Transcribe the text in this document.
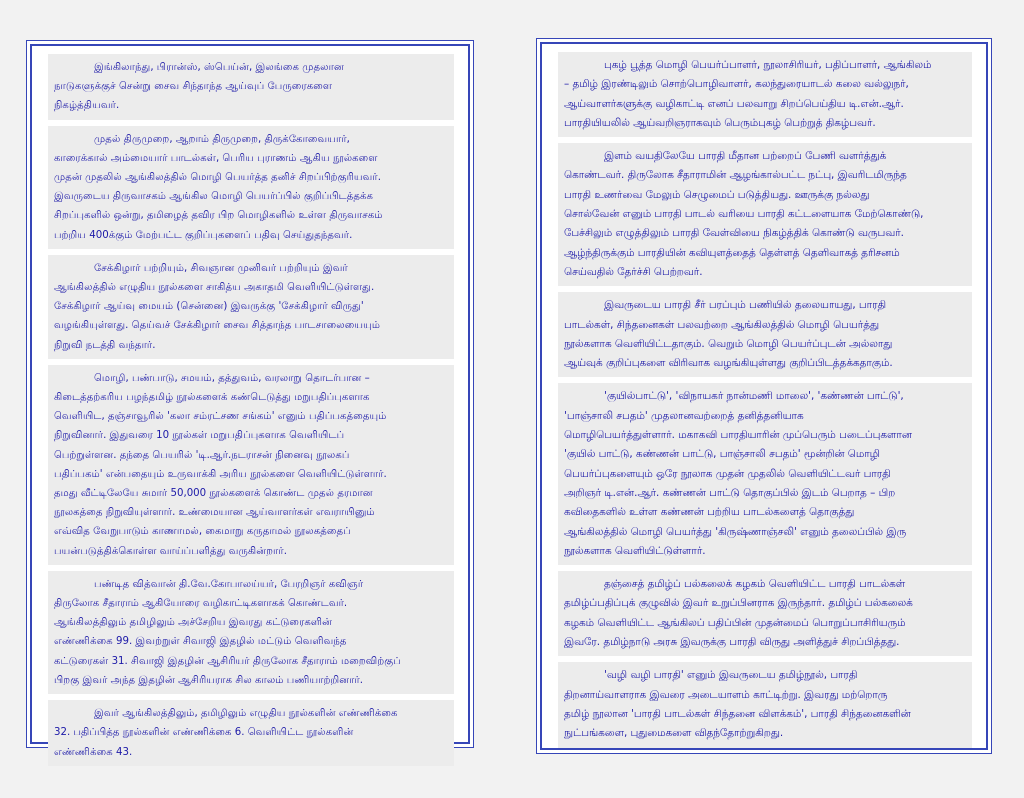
இங்கிலாந்து, பிரான்ஸ், ஸ்பெய்ன், இலங்கை முதலான
நாடுகளுக்குச் சென்று சைவ சிந்தாந்த ஆய்வுப் பேருரைகளை
நிகழ்த்தியவர்.
முதல் திருமுறை, ஆறாம் திருமுறை, திருக்கோவையார்,
காரைக்கால் அம்மையார் பாடல்கள், பெரிய புராணம் ஆகிய நூல்களை
முதன் முதலில் ஆங்கிலத்தில் மொழி பெயர்த்த தனிச் சிறப்பிற்குரியவர்.
இவருடைய திருவாசகம் ஆங்கில மொழி பெயர்ப்பில் குறிப்பிடத்தக்க
சிறப்புகளில் ஒன்று, தமிழைத் தவிர பிற மொழிகளில் உள்ள திருவாசகம்
பற்றிய 400க்கும் மேற்பட்ட குறிப்புகளைப் பதிவு செய்துதந்தவர்.
சேக்கிழார் பற்றியும், சிவஞான முனிவர் பற்றியும் இவர்
ஆங்கிலத்தில் எழுதிய நூல்களை சாகித்ய அகாதமி வெளியிட்டுள்ளது.
சேக்கிழார் ஆய்வு மையம் (சென்னை) இவருக்கு 'சேக்கிழார் விருது'
வழங்கியுள்ளது. தெய்வச் சேக்கிழார் சைவ சித்தாந்த பாடசாலையையும்
நிறுவி நடத்தி வந்தார்.
மொழி, பண்பாடு, சமயம், தத்துவம், வரலாறு தொடர்பான –
கிடைத்தற்கரிய பழந்தமிழ் நூல்களைக் கண்டெடுத்து மறுபதிப்புகளாக
வெளியிட, தஞ்சாவூரில் 'கலா சம்ரட்சண சங்கம்' எனும் பதிப்பகத்தையும்
நிறுவினார். இதுவரை 10 நூல்கள் மறுபதிப்புகளாக வெளியிடப்
பெற்றுள்ளன. தந்தை பெயரில் 'டி.ஆர்.நடராசன் நினைவு நூலகப்
பதிப்பகம்' என்பதையும் உருவாக்கி அரிய நூல்களை வெளியிட்டுள்ளார்.
தமது வீட்டிலேயே சுமார் 50,000 நூல்களைக் கொண்ட முதல் தரமான
நூலகத்தை நிறுவியுள்ளார். உண்மையான ஆய்வாளர்கள் எவராயினும்
எவ்வித வேறுபாடும் காணாமல், கைமாறு கருதாமல் நூலகத்தைப்
பயன்படுத்திக்கொள்ள வாய்ப்பளித்து வருகின்றார்.
பண்டித வித்வான் தி.வே.கோபாலய்யர், பேரறிஞர் கவிஞர்
திருலோக சீதாராம் ஆகியோரை வழிகாட்டிகளாகக் கொண்டவர்.
ஆங்கிலத்திலும் தமிழிலும் அச்சேறிய இவரது கட்டுரைகளின்
எண்ணிக்கை 99. இவற்றுள் சிவாஜி இதழில் மட்டும் வெளிவந்த
கட்டுரைகள் 31. சிவாஜி இதழின் ஆசிரியர் திருலோக சீதாராம் மறைவிற்குப்
பிறகு இவர் அந்த இதழின் ஆசிரியராக சில காலம் பணியாற்றினார்.
இவர் ஆங்கிலத்திலும், தமிழிலும் எழுதிய நூல்களின் எண்ணிக்கை
32. பதிப்பித்த நூல்களின் எண்ணிக்கை 6. வெளியிட்ட நூல்களின்
எண்ணிக்கை 43.
புகழ் பூத்த மொழி பெயர்ப்பாளர், நூலாசிரியர், பதிப்பாளர், ஆங்கிலம்
– தமிழ் இரண்டிலும் சொற்பொழிவாளர், கலந்துரையாடல் கலை வல்லுநர்,
ஆய்வாளர்களுக்கு வழிகாட்டி எனப் பலவாறு சிறப்பெய்திய டி.என்.ஆர்.
பாரதியியலில் ஆய்வறிஞராகவும் பெரும்புகழ் பெற்றுத் திகழ்பவர்.
இளம் வயதிலேயே பாரதி மீதான பற்றைப் பேணி வளர்த்துக்
கொண்டவர். திருலோக சீதாராமின் ஆழங்கால்பட்ட நட்பு, இவரிடமிருந்த
பாரதி உணர்வை மேலும் செழுமைப் படுத்தியது. ஊருக்கு நல்லது
சொல்வேன் எனும் பாரதி பாடல் வரியை பாரதி கட்டளையாக மேற்கொண்டு,
பேச்சிலும் எழுத்திலும் பாரதி வேள்வியை நிகழ்த்திக் கொண்டு வருபவர்.
ஆழ்ந்திருக்கும் பாரதியின் கவியுளத்தைத் தெள்ளத் தெளிவாகத் தரிசனம்
செய்வதில் தேர்ச்சி பெற்றவர்.
இவருடைய பாரதி சீர் பரப்பும் பணியில் தலையாயது, பாரதி
பாடல்கள், சிந்தனைகள் பலவற்றை ஆங்கிலத்தில் மொழி பெயர்த்து
நூல்களாக வெளியிட்டதாகும். வெறும் மொழி பெயர்ப்புடன் அல்லாது
ஆய்வுக் குறிப்புகளை விரிவாக வழங்கியுள்ளது குறிப்பிடத்தக்கதாகும்.
'குயில்பாட்டு', 'விநாயகர் நான்மணி மாலை', 'கண்ணன் பாட்டு',
'பாஞ்சாலி சபதம்' முதலானவற்றைத் தனித்தனியாக
மொழிபெயர்த்துள்ளார். மகாகவி பாரதியாரின் முப்பெரும் படைப்புகளான
'குயில் பாட்டு, கண்ணன் பாட்டு, பாஞ்சாலி சபதம்' மூன்றின் மொழி
பெயர்ப்புகளையும் ஒரே நூலாக முதன் முதலில் வெளியிட்டவர் பாரதி
அறிஞர் டி.என்.ஆர். கண்ணன் பாட்டு தொகுப்பில் இடம் பெறாத – பிற
கவிதைகளில் உள்ள கண்ணன் பற்றிய பாடல்களைத் தொகுத்து
ஆங்கிலத்தில் மொழி பெயர்த்து 'கிருஷ்ணாஞ்சலி' எனும் தலைப்பில் இரு
நூல்களாக வெளியிட்டுள்ளார்.
தஞ்சைத் தமிழ்ப் பல்கலைக் கழகம் வெளியிட்ட பாரதி பாடல்கள்
தமிழ்ப்பதிப்புக் குழுவில் இவர் உறுப்பினராக இருந்தார். தமிழ்ப் பல்கலைக்
கழகம் வெளியிட்ட ஆங்கிலப் பதிப்பின் முதன்மைப் பொறுப்பாசிரியரும்
இவரே. தமிழ்நாடு அரசு இவருக்கு பாரதி விருது அளித்துச் சிறப்பித்தது.
'வழி வழி பாரதி' எனும் இவருடைய தமிழ்நூல், பாரதி
திறனாய்வாளராக இவரை அடையாளம் காட்டிற்று. இவரது மற்றொரு
தமிழ் நூலான 'பாரதி பாடல்கள் சிந்தனை விளக்கம்', பாரதி சிந்தனைகளின்
நுட்பங்களை, புதுமைகளை விதந்தோற்றுகிறது.
